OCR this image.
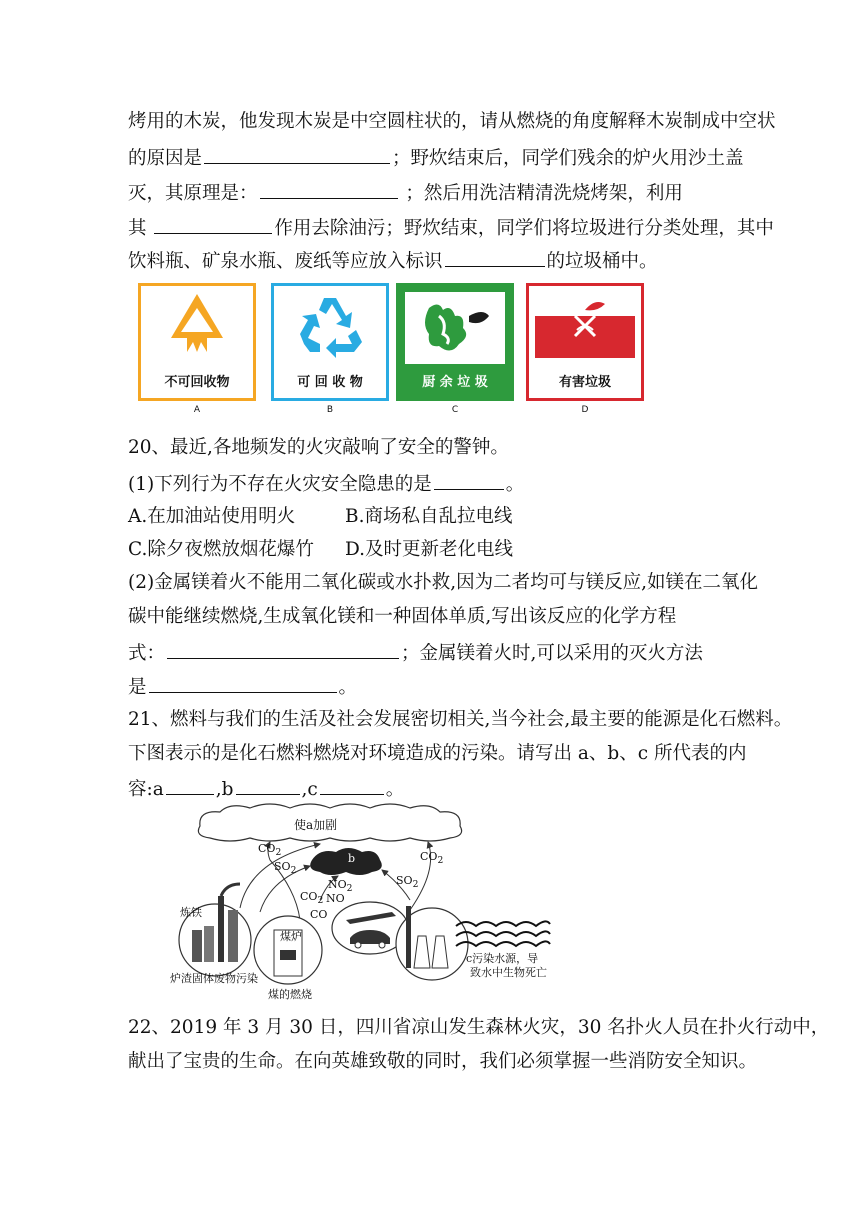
烤用的木炭，他发现木炭是中空圆柱状的，请从燃烧的角度解释木炭制成中空状
的原因是	；野炊结束后，同学们残余的炉火用沙土盖
灭，其原理是：	；然后用洗洁精清洗烧烤架，利用
其	作用去除油污；野炊结束，同学们将垃圾进行分类处理，其中
饮料瓶、矿泉水瓶、废纸等应放入标识	的垃圾桶中。
不可回收物	可 回 收 物	厨 余 垃 圾	有害垃圾
A	B	C	D
20、最近,各地频发的火灾敲响了安全的警钟。
(1)下列行为不存在火灾安全隐患的是	。
A.在加油站使用明火	B.商场私自乱拉电线
C.除夕夜燃放烟花爆竹 D.及时更新老化电线
(2)金属镁着火不能用二氧化碳或水扑救,因为二者均可与镁反应,如镁在二氧化
碳中能继续燃烧,生成氧化镁和一种固体单质,写出该反应的化学方程
式：	；金属镁着火时,可以采用的灭火方法
是	。
21、燃料与我们的生活及社会发展密切相关,当今社会,最主要的能源是化石燃料。
下图表示的是化石燃料燃烧对环境造成的污染。请写出 a、b、c 所代表的内
容:a	,b	,c	。
使a加剧
b
$CO_2$
$SO_2$
$NO_2$
NO
$CO_2$
CO
$SO_2$
$CO_2$
炼铁
炉渣固体废物污染
煤炉
煤的燃烧
c污染水源，导
致水中生物死亡
22、2019 年 3 月 30 日，四川省凉山发生森林火灾，30 名扑火人员在扑火行动中，
献出了宝贵的生命。在向英雄致敬的同时，我们必须掌握一些消防安全知识。
